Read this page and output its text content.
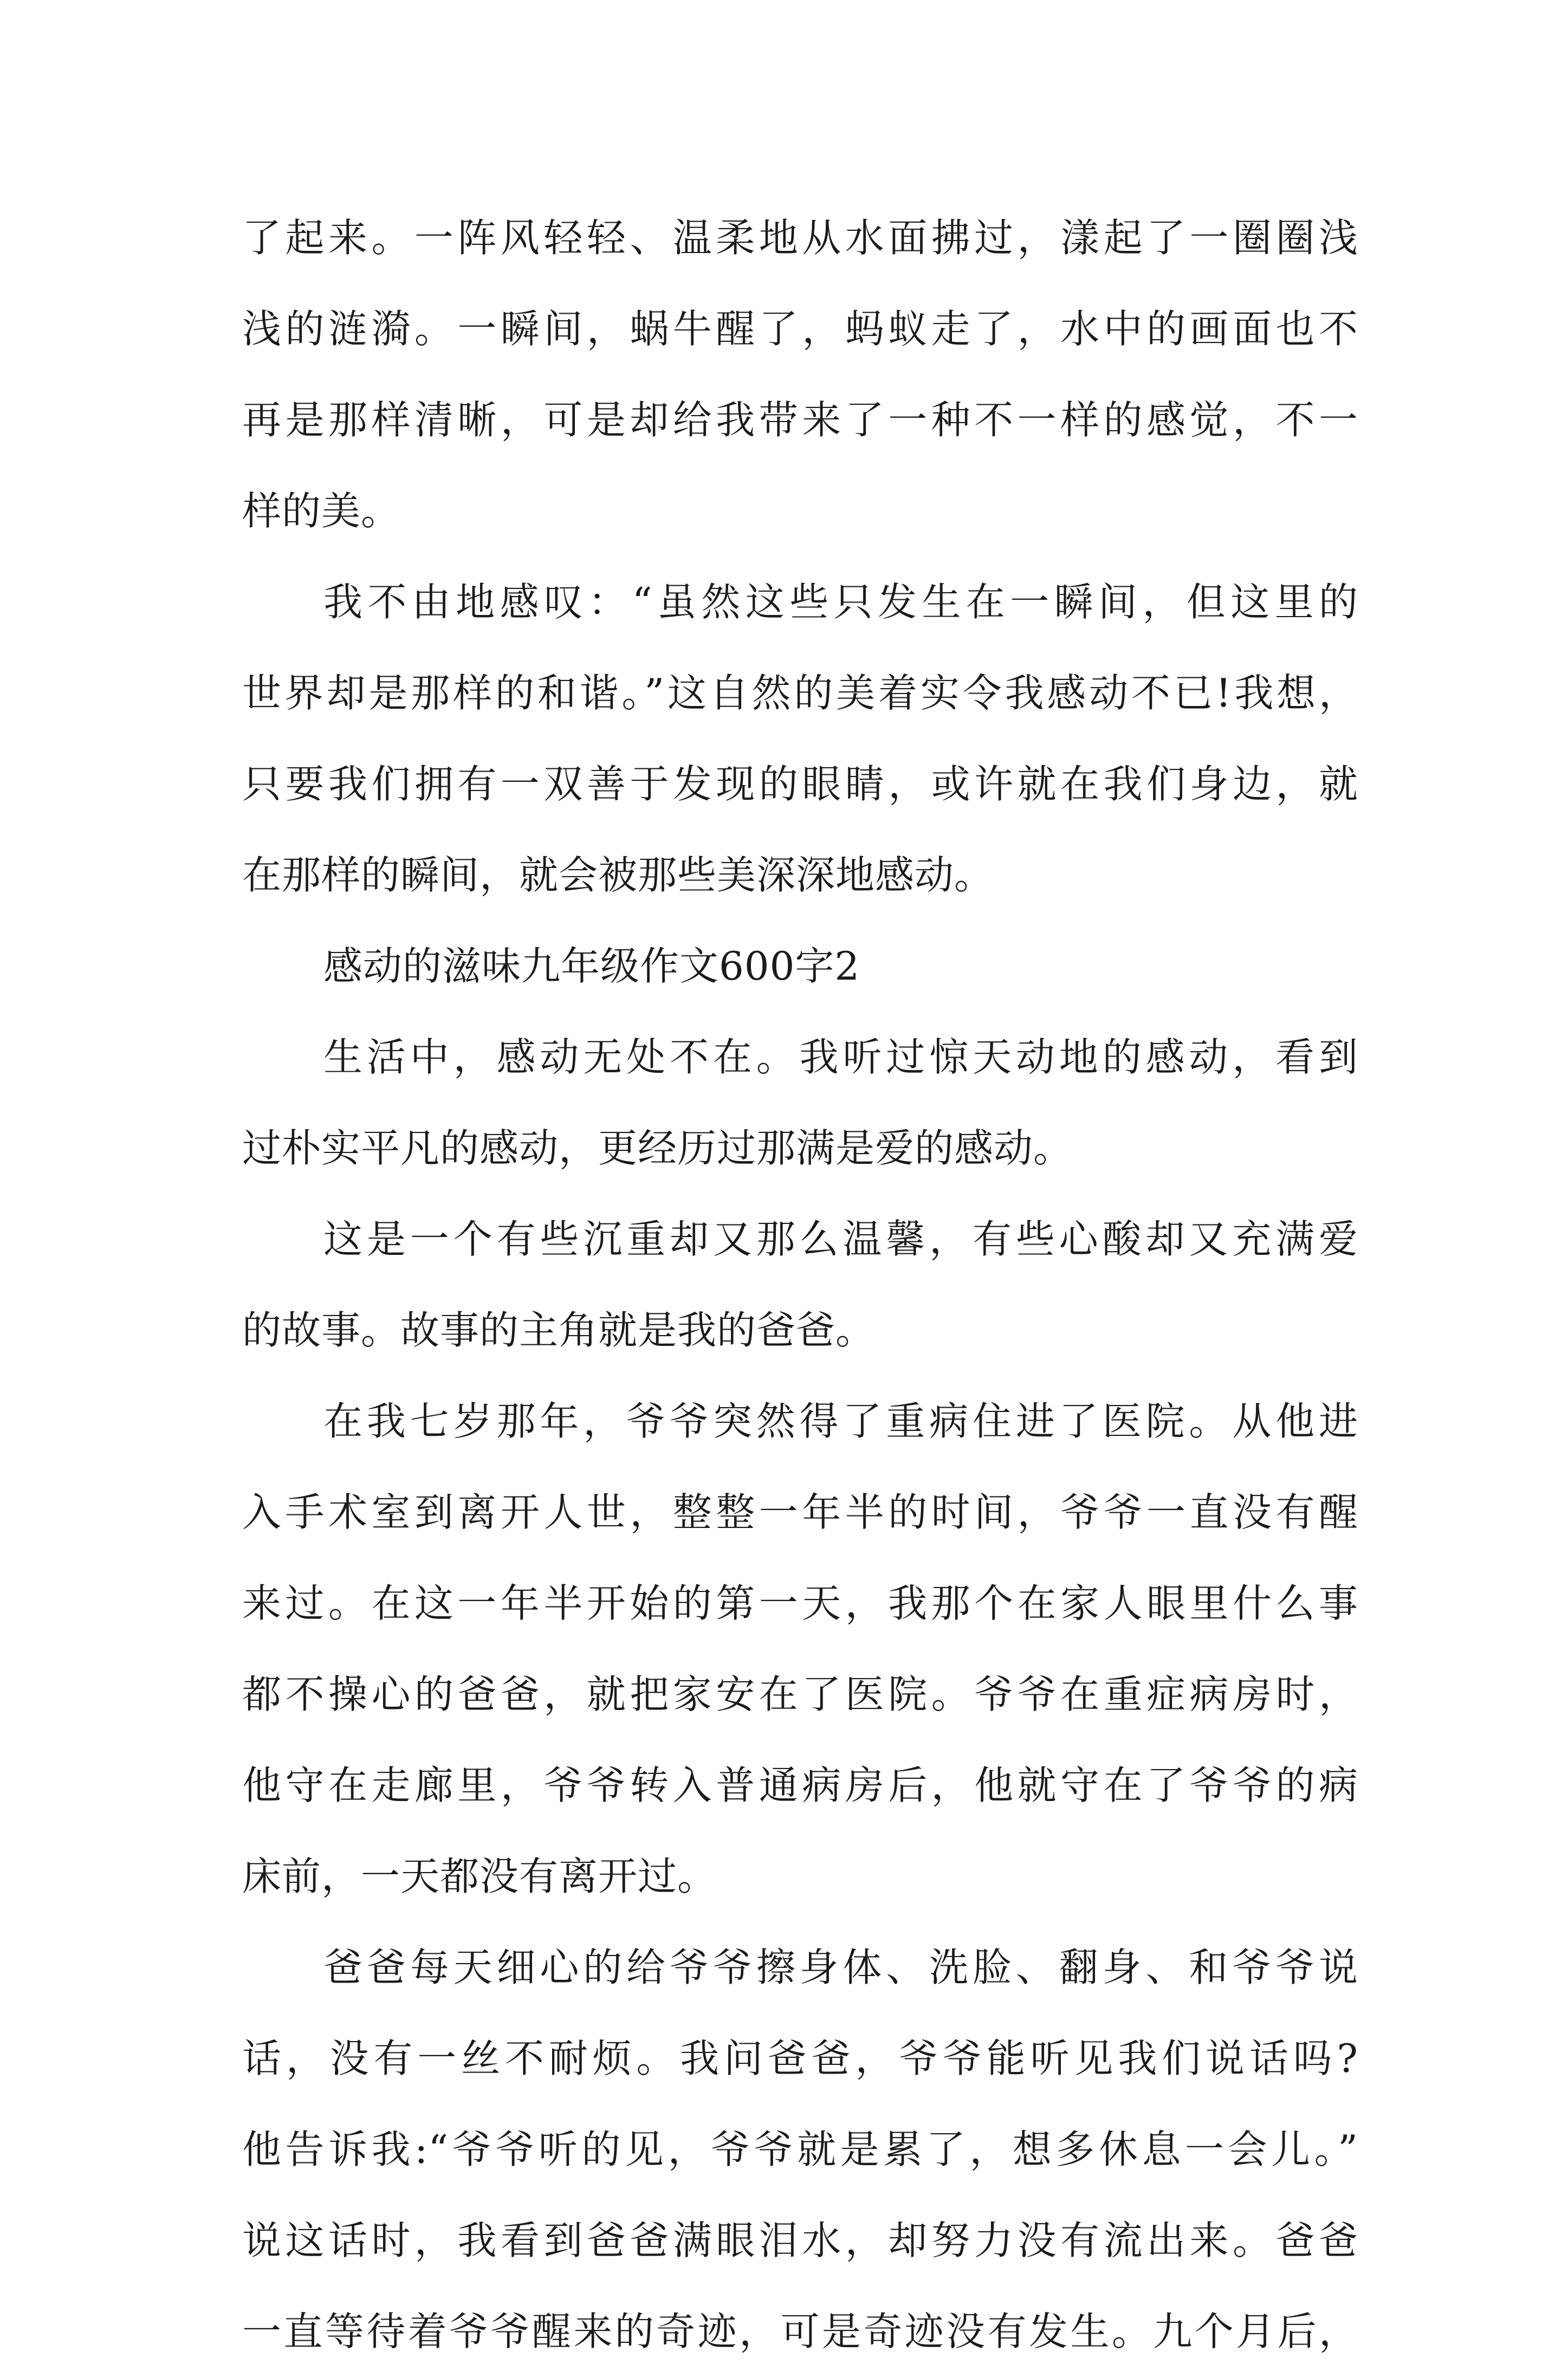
了起来。一阵风轻轻、温柔地从水面拂过，漾起了一圈圈浅
浅的涟漪。一瞬间，蜗牛醒了，蚂蚁走了，水中的画面也不
再是那样清晰，可是却给我带来了一种不一样的感觉，不一
样的美。
我不由地感叹：“虽然这些只发生在一瞬间，但这里的
世界却是那样的和谐。”这自然的美着实令我感动不已!我想，
只要我们拥有一双善于发现的眼睛，或许就在我们身边，就
在那样的瞬间，就会被那些美深深地感动。
感动的滋味九年级作文600字2
生活中，感动无处不在。我听过惊天动地的感动，看到
过朴实平凡的感动，更经历过那满是爱的感动。
这是一个有些沉重却又那么温馨，有些心酸却又充满爱
的故事。故事的主角就是我的爸爸。
在我七岁那年，爷爷突然得了重病住进了医院。从他进
入手术室到离开人世，整整一年半的时间，爷爷一直没有醒
来过。在这一年半开始的第一天，我那个在家人眼里什么事
都不操心的爸爸，就把家安在了医院。爷爷在重症病房时，
他守在走廊里，爷爷转入普通病房后，他就守在了爷爷的病
床前，一天都没有离开过。
爸爸每天细心的给爷爷擦身体、洗脸、翻身、和爷爷说
话，没有一丝不耐烦。我问爸爸，爷爷能听见我们说话吗?
他告诉我:“爷爷听的见，爷爷就是累了，想多休息一会儿。”
说这话时，我看到爸爸满眼泪水，却努力没有流出来。爸爸
一直等待着爷爷醒来的奇迹，可是奇迹没有发生。九个月后，
